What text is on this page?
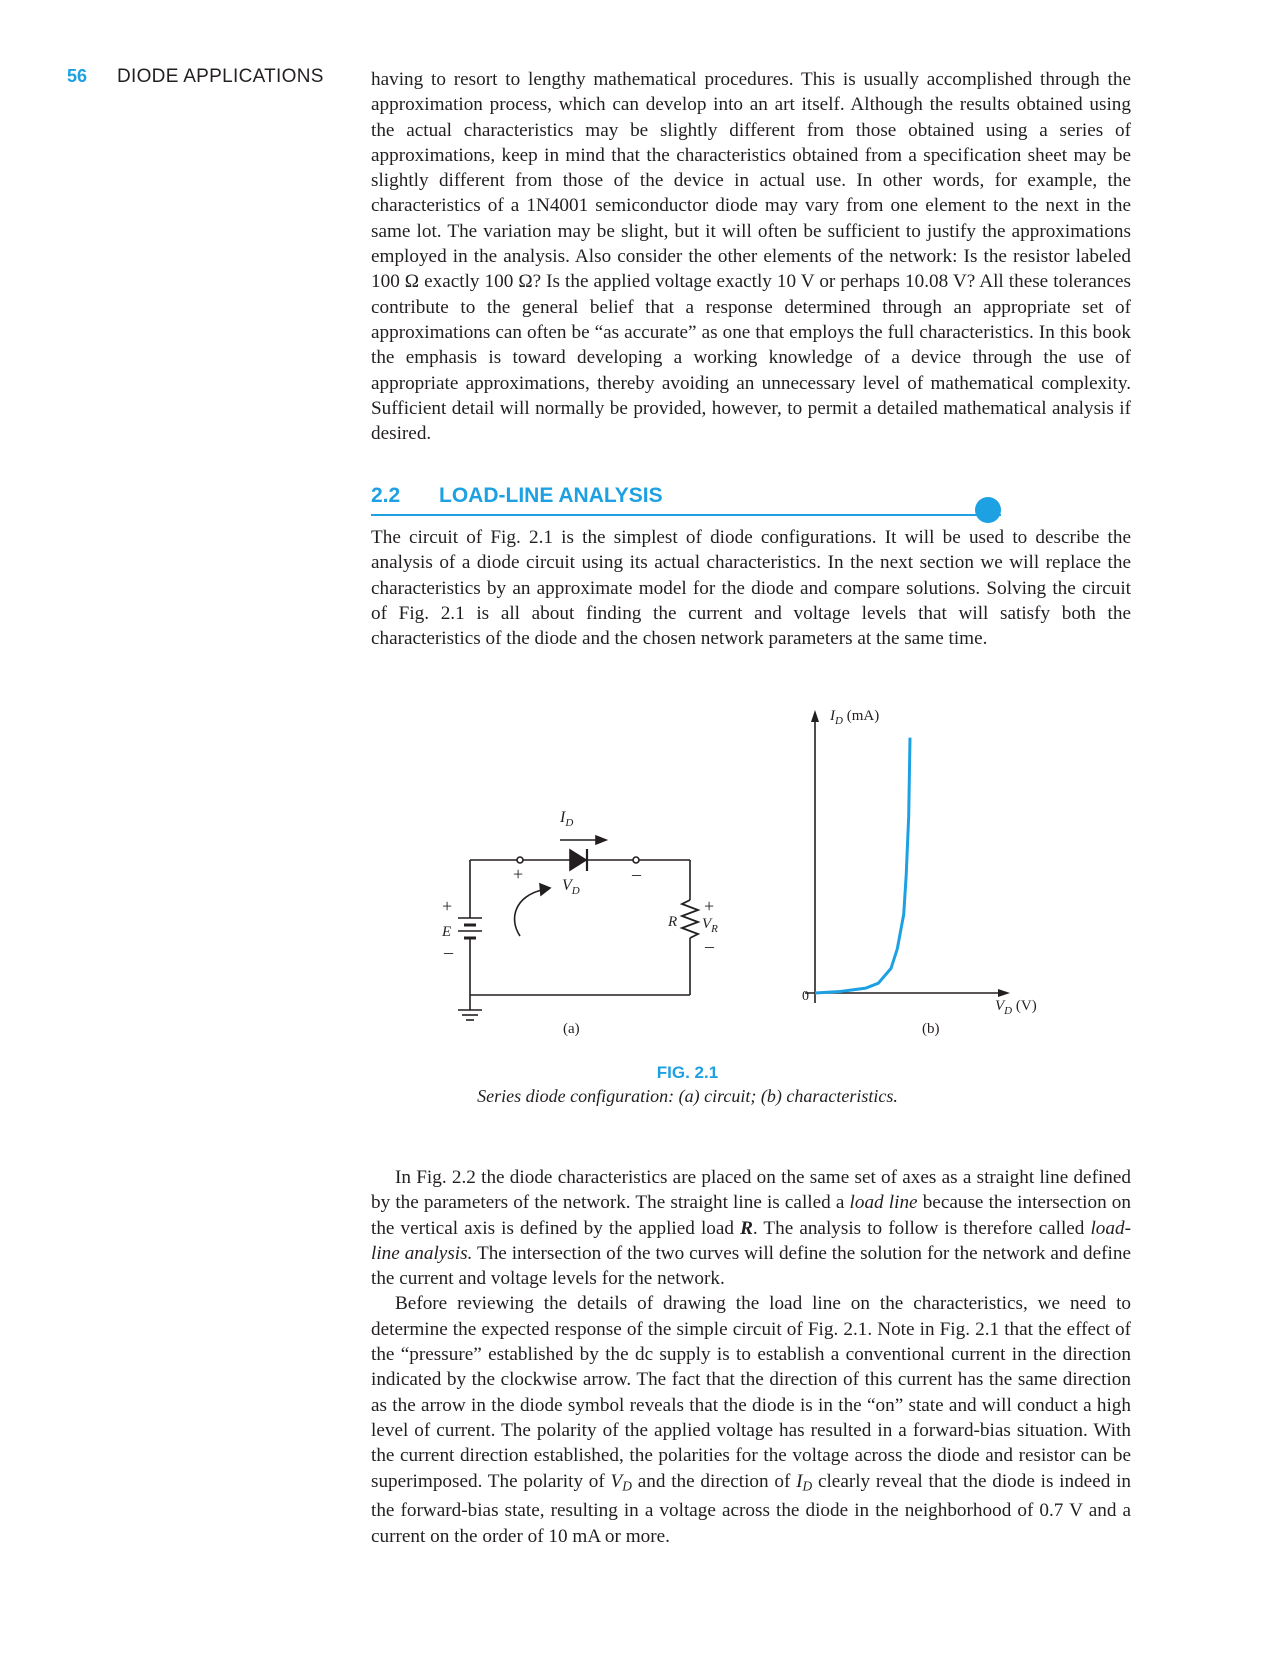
56 DIODE APPLICATIONS having to resort to lengthy mathematical procedures. This is usually accomplished through the approximation process, which can develop into an art itself. Although the results obtained using the actual characteristics may be slightly different from those obtained using a series of approximations, keep in mind that the characteristics obtained from a specification sheet may be slightly different from those of the device in actual use. In other words, for example, the characteristics of a 1N4001 semiconductor diode may vary from one element to the next in the same lot. The variation may be slight, but it will often be sufficient to justify the approximations employed in the analysis. Also consider the other elements of the network: Is the resistor labeled 100 Ω exactly 100 Ω? Is the applied voltage exactly 10 V or perhaps 10.08 V? All these tolerances contribute to the general belief that a response determined through an appropriate set of approximations can often be “as accurate” as one that employs the full characteristics. In this book the emphasis is toward developing a working knowledge of a device through the use of appropriate approximations, thereby avoiding an unnecessary level of mathematical complexity. Sufficient detail will normally be provided, however, to permit a detailed mathematical analysis if desired.

2.2 LOAD-LINE ANALYSIS

The circuit of Fig. 2.1 is the simplest of diode configurations. It will be used to describe the analysis of a diode circuit using its actual characteristics. In the next section we will replace the characteristics by an approximate model for the diode and compare solutions. Solving the circuit of Fig. 2.1 is all about finding the current and voltage levels that will satisfy both the characteristics of the diode and the chosen network parameters at the same time.

$I_D$
$V_D$
+	–
+
–
E
R
+
$V_R$
–
(a)
$I_D$ (mA)
$V_D$ (V)
0
(b)
FIG. 2.1
Series diode configuration: (a) circuit; (b) characteristics.

In Fig. 2.2 the diode characteristics are placed on the same set of axes as a straight line defined by the parameters of the network. The straight line is called a load line because the intersection on the vertical axis is defined by the applied load R. The analysis to follow is therefore called load-line analysis. The intersection of the two curves will define the solution for the network and define the current and voltage levels for the network.

Before reviewing the details of drawing the load line on the characteristics, we need to determine the expected response of the simple circuit of Fig. 2.1. Note in Fig. 2.1 that the effect of the “pressure” established by the dc supply is to establish a conventional current in the direction indicated by the clockwise arrow. The fact that the direction of this current has the same direction as the arrow in the diode symbol reveals that the diode is in the “on” state and will conduct a high level of current. The polarity of the applied voltage has resulted in a forward-bias situation. With the current direction established, the polarities for the voltage across the diode and resistor can be superimposed. The polarity of $V_D$ and the direction of $I_D$ clearly reveal that the diode is indeed in the forward-bias state, resulting in a voltage across the diode in the neighborhood of 0.7 V and a current on the order of 10 mA or more.
